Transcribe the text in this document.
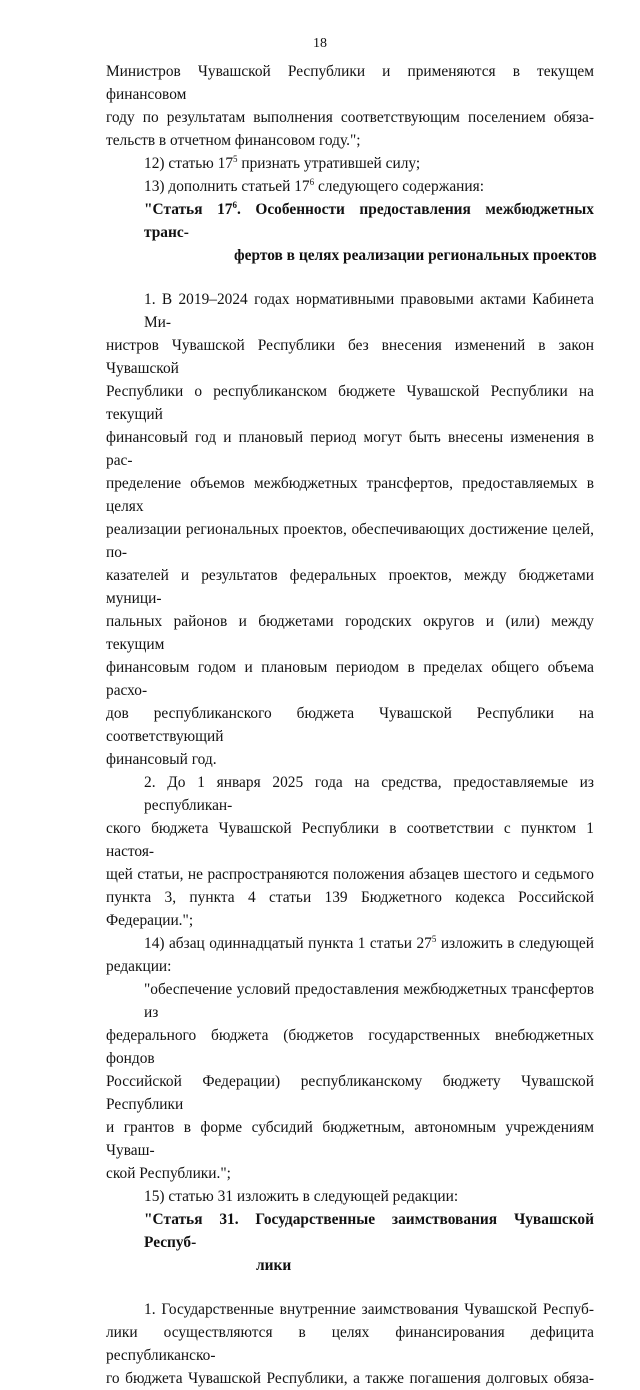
18
Министров Чувашской Республики и применяются в текущем финансовом
году по результатам выполнения соответствующим поселением обяза-
тельств в отчетном финансовом году.";
12) статью $17^5$ признать утратившей силу;
13) дополнить статьей $17^6$ следующего содержания:
"Статья $17^6$. Особенности предоставления межбюджетных транс-
фертов в целях реализации региональных проектов
1. В 2019–2024 годах нормативными правовыми актами Кабинета Ми-
нистров Чувашской Республики без внесения изменений в закон Чувашской
Республики о республиканском бюджете Чувашской Республики на текущий
финансовый год и плановый период могут быть внесены изменения в рас-
пределение объемов межбюджетных трансфертов, предоставляемых в целях
реализации региональных проектов, обеспечивающих достижение целей, по-
казателей и результатов федеральных проектов, между бюджетами муници-
пальных районов и бюджетами городских округов и (или) между текущим
финансовым годом и плановым периодом в пределах общего объема расхо-
дов республиканского бюджета Чувашской Республики на соответствующий
финансовый год.
2. До 1 января 2025 года на средства, предоставляемые из республикан-
ского бюджета Чувашской Республики в соответствии с пунктом 1 настоя-
щей статьи, не распространяются положения абзацев шестого и седьмого
пункта 3, пункта 4 статьи 139 Бюджетного кодекса Российской Федерации.";
14) абзац одиннадцатый пункта 1 статьи $27^5$ изложить в следующей
редакции:
"обеспечение условий предоставления межбюджетных трансфертов из
федерального бюджета (бюджетов государственных внебюджетных фондов
Российской Федерации) республиканскому бюджету Чувашской Республики
и грантов в форме субсидий бюджетным, автономным учреждениям Чуваш-
ской Республики.";
15) статью 31 изложить в следующей редакции:
"Статья 31. Государственные заимствования Чувашской Респуб-
лики
1. Государственные внутренние заимствования Чувашской Респуб-
лики осуществляются в целях финансирования дефицита республиканско-
го бюджета Чувашской Республики, а также погашения долговых обяза-
